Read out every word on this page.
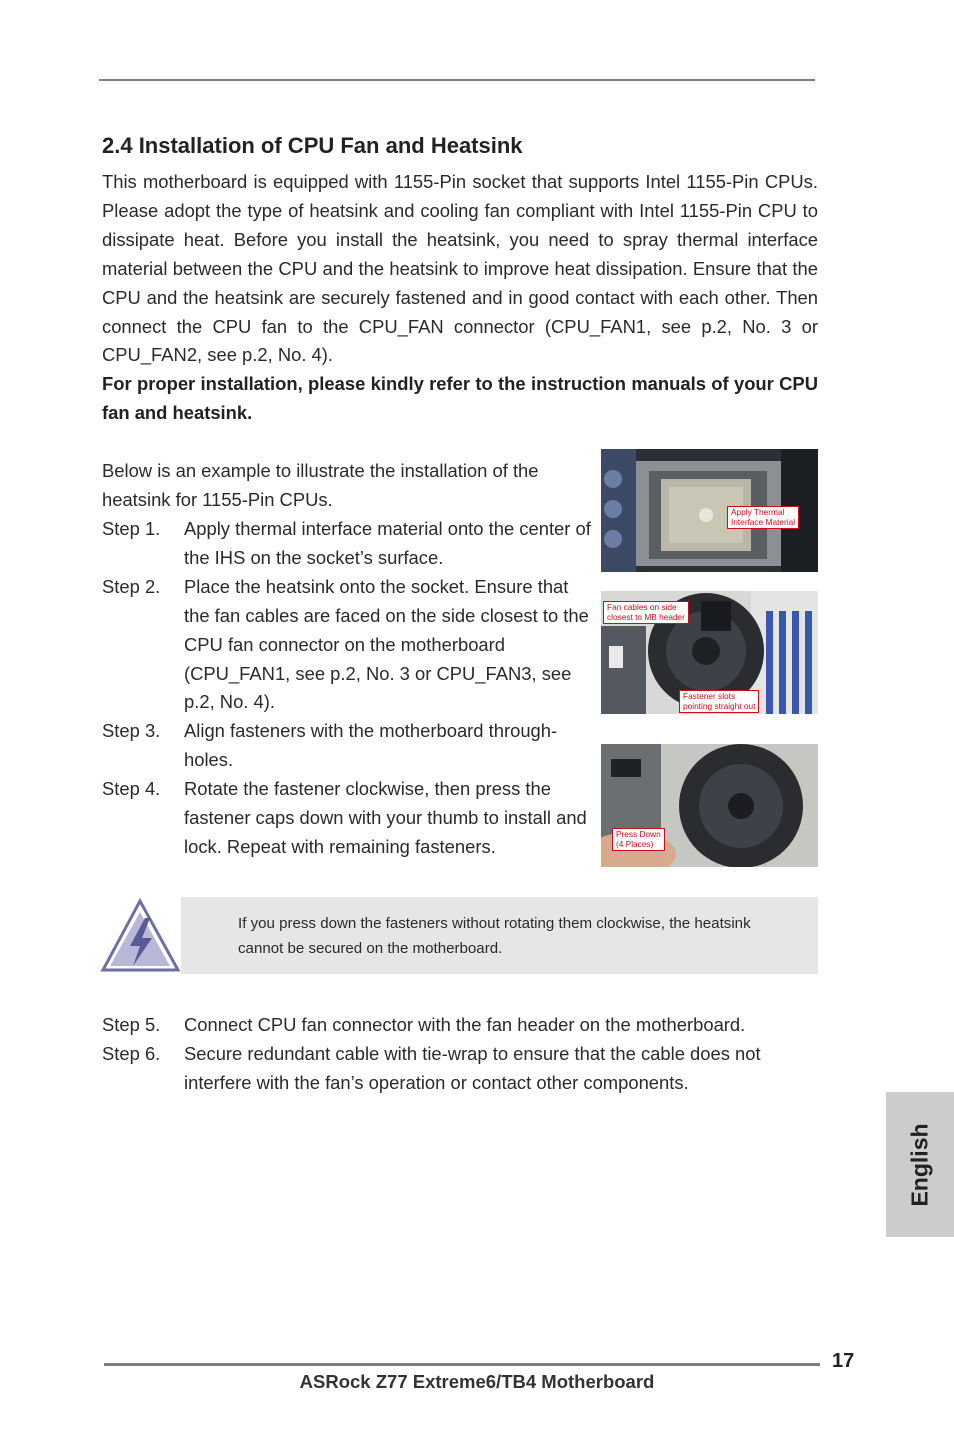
2.4 Installation of CPU Fan and Heatsink

This motherboard is equipped with 1155-Pin socket that supports Intel 1155-Pin CPUs. Please adopt the type of heatsink and cooling fan compliant with Intel 1155-Pin CPU to dissipate heat. Before you install the heatsink, you need to spray thermal interface material between the CPU and the heatsink to improve heat dissipation. Ensure that the CPU and the heatsink are securely fastened and in good contact with each other. Then connect the CPU fan to the CPU_FAN connector (CPU_FAN1, see p.2, No. 3 or CPU_FAN2, see p.2, No. 4).

For proper installation, please kindly refer to the instruction manuals of your CPU fan and heatsink.

Below is an example to illustrate the installation of the heatsink for 1155-Pin CPUs.

Step 1.	Apply thermal interface material onto the center of the IHS on the socket’s surface.
Step 2.	Place the heatsink onto the socket. Ensure that the fan cables are faced on the side closest to the CPU fan connector on the motherboard (CPU_FAN1, see p.2, No. 3 or CPU_FAN3, see p.2, No. 4).
Step 3.	Align fasteners with the motherboard through-holes.
Step 4.	Rotate the fastener clockwise, then press the fastener caps down with your thumb to install and lock. Repeat with remaining fasteners.
Apply Thermal
Interface Material
Fan cables on side
closest to MB header
Fastener slots
pointing straight out
Press Down
(4 Places)

If you press down the fasteners without rotating them clockwise, the heatsink cannot be secured on the motherboard.

Step 5.	Connect CPU fan connector with the fan header on the motherboard.
Step 6.	Secure redundant cable with tie-wrap to ensure that the cable does not interfere with the fan’s operation or contact other components.
English
17
ASRock Z77 Extreme6/TB4 Motherboard
